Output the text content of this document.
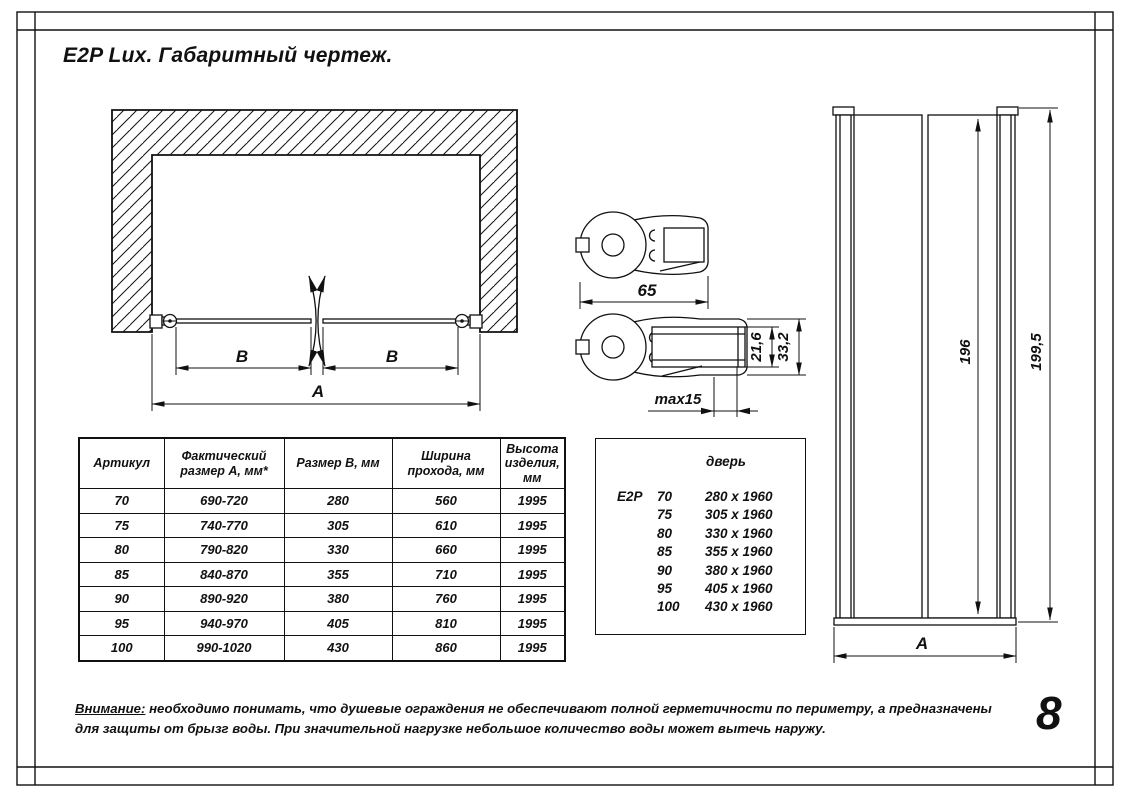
B	B
A
65
21,6 33,2
max15
196	199,5
A
E2P Lux. Габаритный чертеж.
Артикул	Фактический размер А, мм*	Размер В, мм	Ширина прохода, мм	Высота изделия, мм
70	690-720	280	560	1995
75	740-770	305	610	1995
80	790-820	330	660	1995
85	840-870	355	710	1995
90	890-920	380	760	1995
95	940-970	405	810	1995
100	990-1020	430	860	1995
дверь
E2P	70	280 x 1960
75	305 x 1960
80	330 x 1960
85	355 x 1960
90	380 x 1960
95	405 x 1960
100	430 x 1960
Внимание: необходимо понимать, что душевые ограждения не обеспечивают полной герметичности по периметру, а предназначены
для защиты от брызг воды. При значительной нагрузке небольшое количество воды может вытечь наружу.	8
